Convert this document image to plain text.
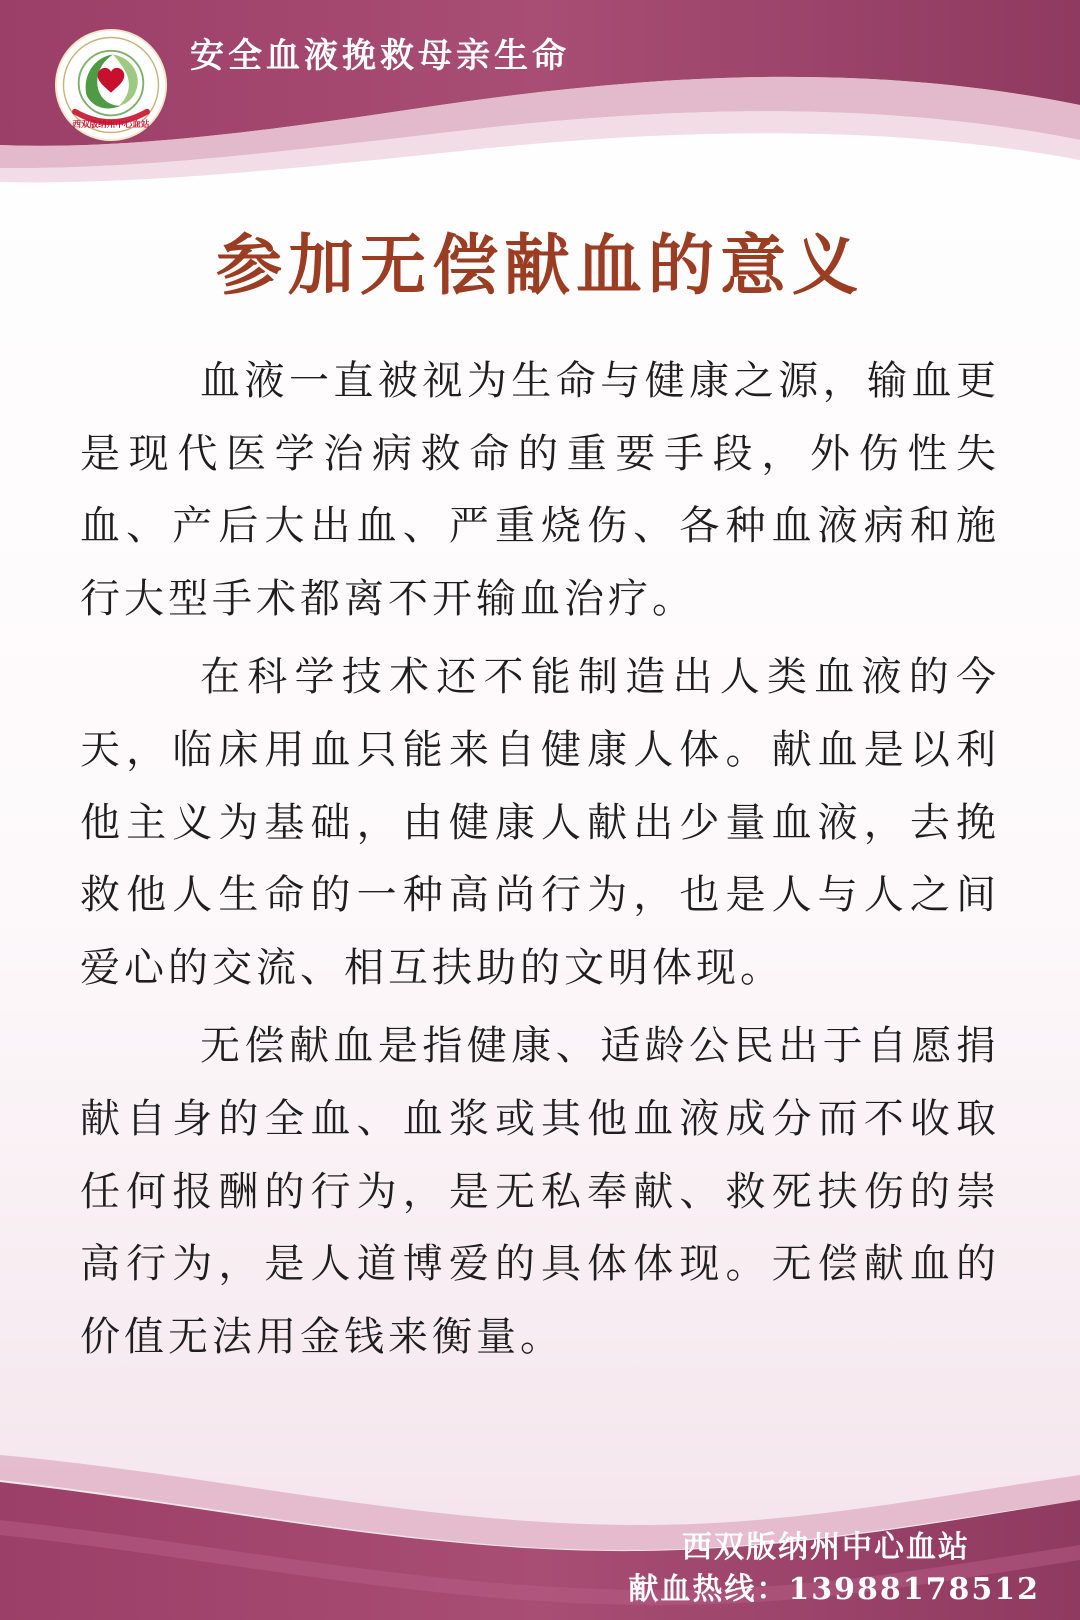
西双版纳州中心血站
安全血液挽救母亲生命
参加无偿献血的意义

血液一直被视为生命与健康之源，输血更是现代医学治病救命的重要手段，外伤性失血、产后大出血、严重烧伤、各种血液病和施行大型手术都离不开输血治疗。

在科学技术还不能制造出人类血液的今天，临床用血只能来自健康人体。献血是以利他主义为基础，由健康人献出少量血液，去挽救他人生命的一种高尚行为，也是人与人之间爱心的交流、相互扶助的文明体现。

无偿献血是指健康、适龄公民出于自愿捐献自身的全血、血浆或其他血液成分而不收取任何报酬的行为，是无私奉献、救死扶伤的崇高行为，是人道博爱的具体体现。无偿献血的价值无法用金钱来衡量。

西双版纳州中心血站

献血热线：13988178512
